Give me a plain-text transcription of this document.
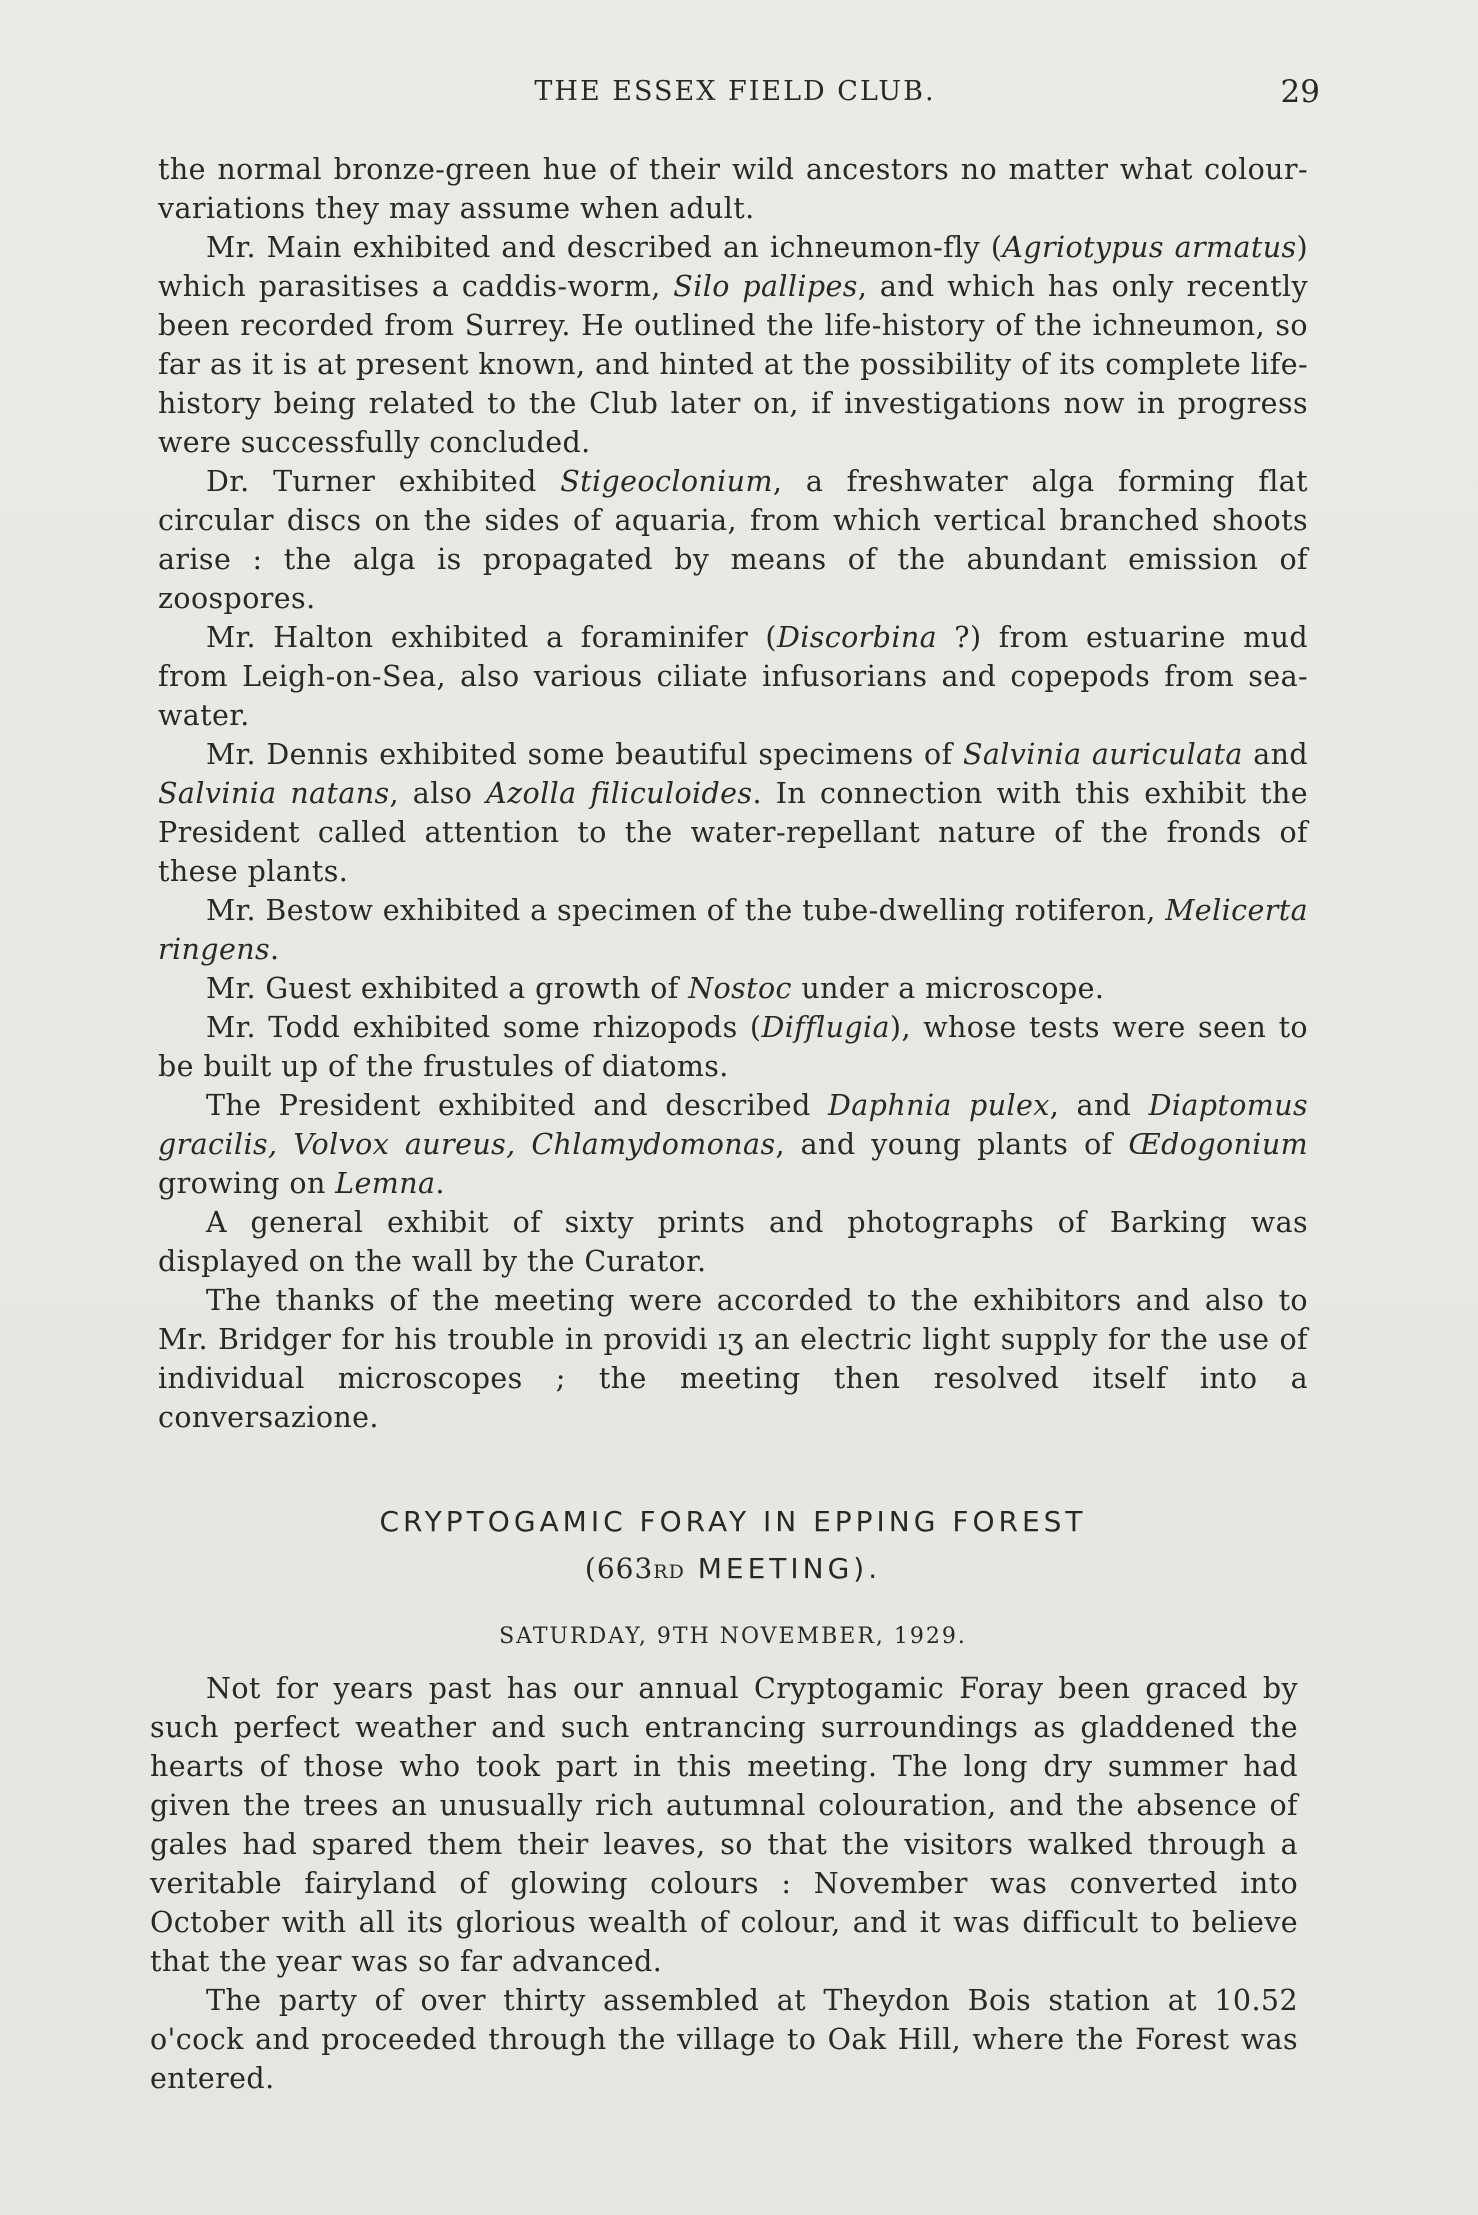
THE ESSEX FIELD CLUB.	29

the normal bronze-green hue of their wild ancestors no matter what colour-variations they may assume when adult.

Mr. Main exhibited and described an ichneumon-fly (Agriotypus armatus) which parasitises a caddis-worm, Silo pallipes, and which has only recently been recorded from Surrey. He outlined the life-history of the ichneumon, so far as it is at present known, and hinted at the possibility of its complete life-history being related to the Club later on, if investigations now in progress were successfully concluded.

Dr. Turner exhibited Stigeoclonium, a freshwater alga forming flat circular discs on the sides of aquaria, from which vertical branched shoots arise : the alga is propagated by means of the abundant emission of zoospores.

Mr. Halton exhibited a foraminifer (Discorbina ?) from estuarine mud from Leigh-on-Sea, also various ciliate infusorians and copepods from sea-water.

Mr. Dennis exhibited some beautiful specimens of Salvinia auriculata and Salvinia natans, also Azolla filiculoides. In connection with this exhibit the President called attention to the water-repellant nature of the fronds of these plants.

Mr. Bestow exhibited a specimen of the tube-dwelling rotiferon, Melicerta ringens.

Mr. Guest exhibited a growth of Nostoc under a microscope.

Mr. Todd exhibited some rhizopods (Difflugia), whose tests were seen to be built up of the frustules of diatoms.

The President exhibited and described Daphnia pulex, and Diaptomus gracilis, Volvox aureus, Chlamydomonas, and young plants of Œdogonium growing on Lemna.

A general exhibit of sixty prints and photographs of Barking was displayed on the wall by the Curator.

The thanks of the meeting were accorded to the exhibitors and also to Mr. Bridger for his trouble in providi ıʒ an electric light supply for the use of individual microscopes ; the meeting then resolved itself into a conversazione.

CRYPTOGAMIC FORAY IN EPPING FOREST
(663RD MEETING).
SATURDAY, 9TH NOVEMBER, 1929.

Not for years past has our annual Cryptogamic Foray been graced by such perfect weather and such entrancing surroundings as gladdened the hearts of those who took part in this meeting. The long dry summer had given the trees an unusually rich autumnal colouration, and the absence of gales had spared them their leaves, so that the visitors walked through a veritable fairyland of glowing colours : November was converted into October with all its glorious wealth of colour, and it was difficult to believe that the year was so far advanced.

The party of over thirty assembled at Theydon Bois station at 10.52 o'cock and proceeded through the village to Oak Hill, where the Forest was entered.
